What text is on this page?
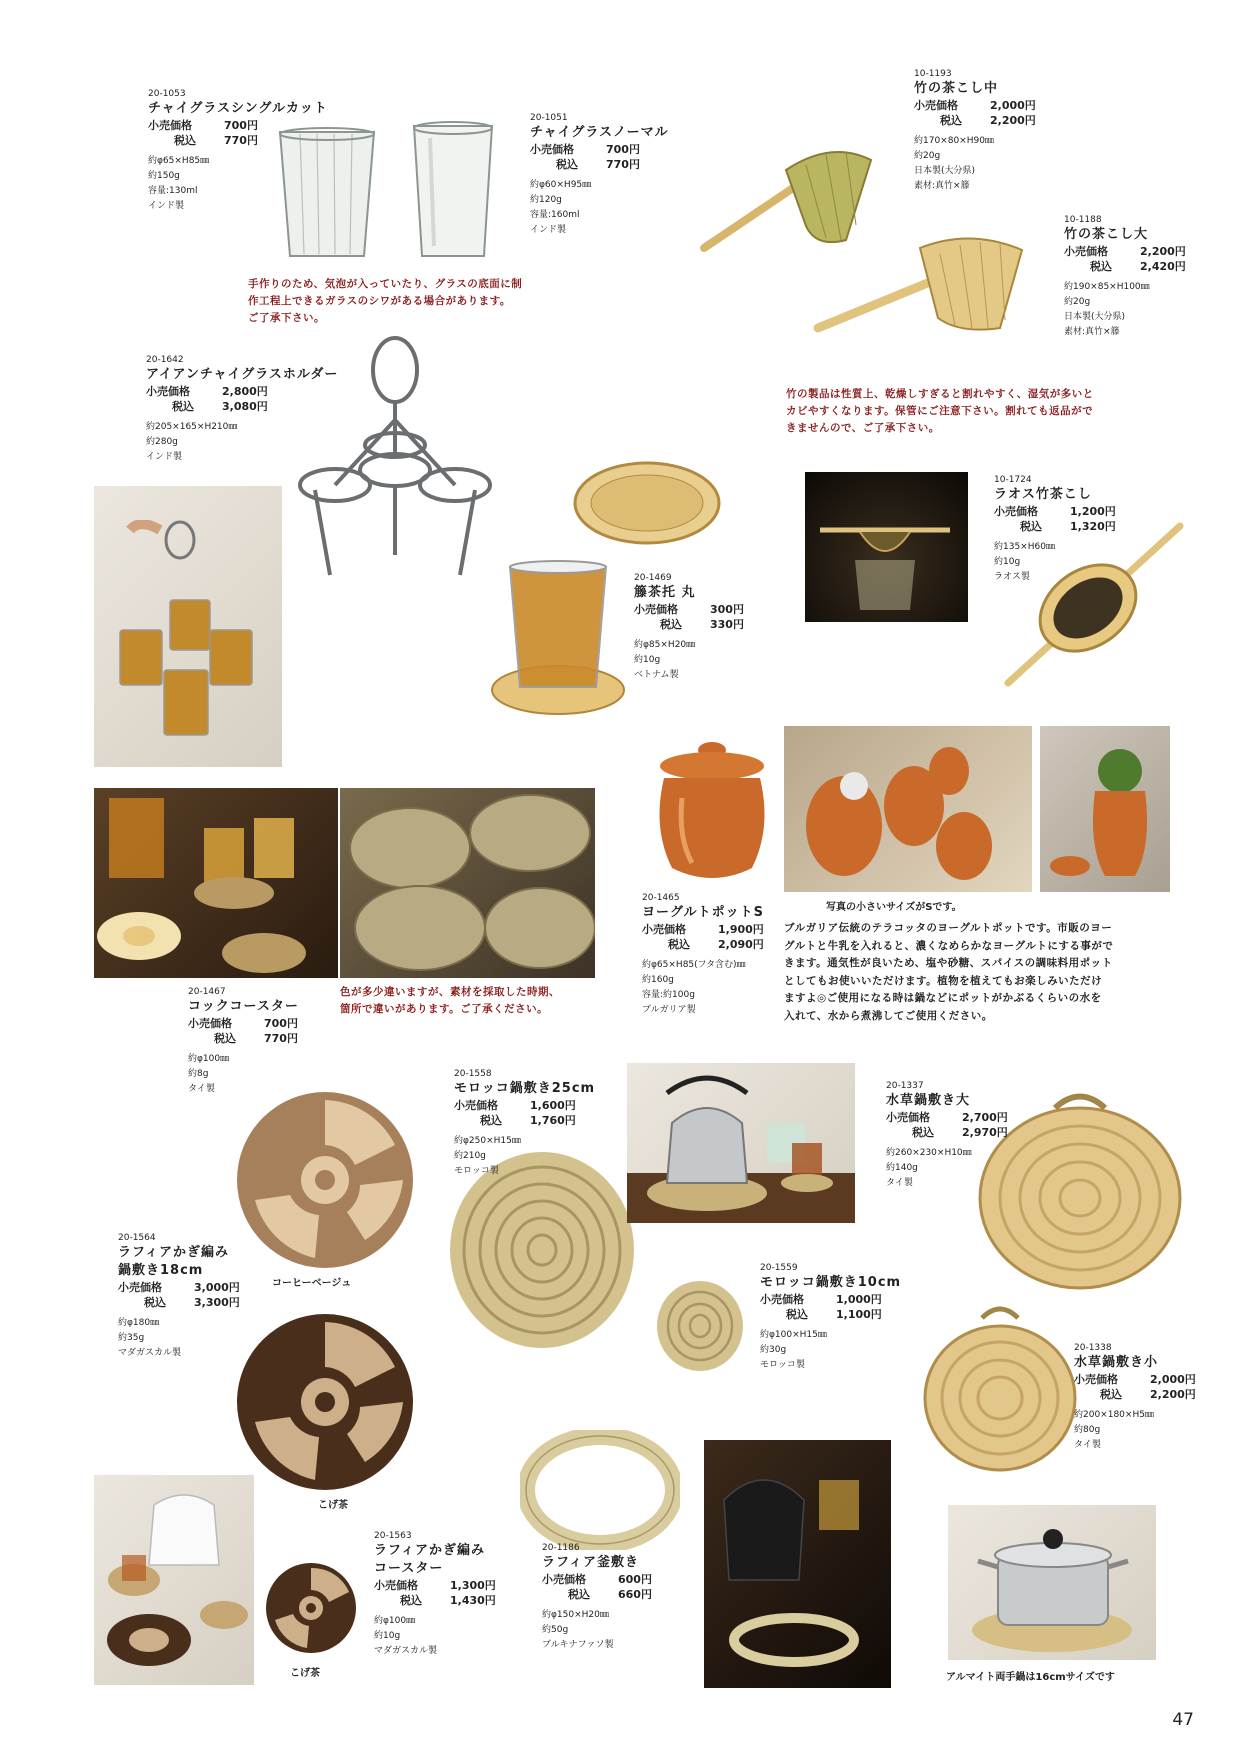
20-1053
チャイグラスシングルカット
小売価格	700円
税込	770円
約φ65×H85㎜
約150g
容量:130ml
インド製
20-1051
チャイグラスノーマル
小売価格	700円
税込	770円
約φ60×H95㎜
約120g
容量:160ml
インド製
10-1193
竹の茶こし中
小売価格	2,000円
税込	2,200円
約170×80×H90㎜
約20g
日本製(大分県)
素材:真竹×籐
10-1188
竹の茶こし大
小売価格	2,200円
税込	2,420円
約190×85×H100㎜
約20g
日本製(大分県)
素材:真竹×籐
20-1642
アイアンチャイグラスホルダー
小売価格	2,800円
税込	3,080円
約205×165×H210㎜
約280g
インド製
10-1724
ラオス竹茶こし
小売価格	1,200円
税込	1,320円
約135×H60㎜
約10g
ラオス製
20-1469
籐茶托 丸
小売価格	300円
税込	330円
約φ85×H20㎜
約10g
ベトナム製
20-1465
ヨーグルトポットS
小売価格	1,900円
税込	2,090円
約φ65×H85(フタ含む)㎜
約160g
容量:約100g
ブルガリア製
20-1467
コックコースター
小売価格	700円
税込	770円
約φ100㎜
約8g
タイ製
20-1558
モロッコ鍋敷き25cm
小売価格	1,600円
税込	1,760円
約φ250×H15㎜
約210g
モロッコ製
20-1337
水草鍋敷き大
小売価格	2,700円
税込	2,970円
約260×230×H10㎜
約140g
タイ製
20-1564
ラフィアかぎ編み
鍋敷き18cm
小売価格	3,000円
税込	3,300円
約φ180㎜
約35g
マダガスカル製
20-1559
モロッコ鍋敷き10cm
小売価格	1,000円
税込	1,100円
約φ100×H15㎜
約30g
モロッコ製
20-1338
水草鍋敷き小
小売価格	2,000円
税込	2,200円
約200×180×H5㎜
約80g
タイ製
20-1563
ラフィアかぎ編み
コースター
小売価格	1,300円
税込	1,430円
約φ100㎜
約10g
マダガスカル製
20-1186
ラフィア釜敷き
小売価格	600円
税込	660円
約φ150×H20㎜
約50g
ブルキナファソ製
手作りのため、気泡が入っていたり、グラスの底面に制
作工程上できるガラスのシワがある場合があります。
ご了承下さい。
竹の製品は性質上、乾燥しすぎると割れやすく、湿気が多いと
カビやすくなります。保管にご注意下さい。割れても返品がで
きませんので、ご了承下さい。
色が多少違いますが、素材を採取した時期、
箇所で違いがあります。ご了承ください。
ブルガリア伝統のテラコッタのヨーグルトポットです。市販のヨー
グルトと牛乳を入れると、濃くなめらかなヨーグルトにする事がで
きます。通気性が良いため、塩や砂糖、スパイスの調味料用ポット
としてもお使いいただけます。植物を植えてもお楽しみいただけ
ますよ◎ご使用になる時は鍋などにポットがかぶるくらいの水を
入れて、水から煮沸してご使用ください。
写真の小さいサイズがSです。
コーヒーベージュ
こげ茶
こげ茶	アルマイト両手鍋は16cmサイズです
47
